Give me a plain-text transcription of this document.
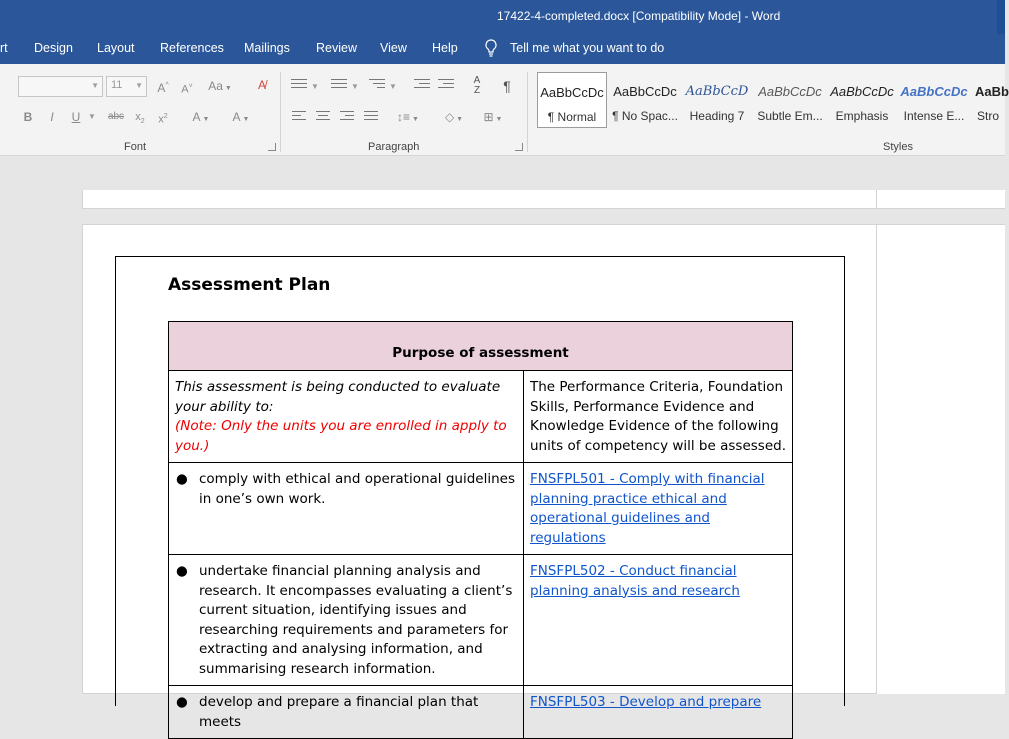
17422-4-completed.docx [Compatibility Mode] - Word
rt Design Layout References Mailings Review View Help	Tell me what you want to do
▼	11 ▼ A^ A˅ Aa ▼	A̸
B	I	U ▼ abc $x_2$ $x^2$	A ▼	A ▼
Font
▼	▼	▼
A
Z	¶
↕≡ ▼	◇ ▼	⊞ ▼
Paragraph
AaBbCcDc
¶ Normal
AaBbCcDc
¶ No Spac...
AaBbCcD
Heading 7
AaBbCcDc
Subtle Em...
AaBbCcDc
Emphasis
AaBbCcDc
Intense E...
AaBb
Stro
Styles
Assessment Plan
Purpose of assessment	

This assessment is being conducted to evaluate your ability to:
(Note: Only the units you are enrolled in apply to you.)	The Performance Criteria, Foundation Skills, Performance Evidence and Knowledge Evidence of the following units of competency will be assessed.

● comply with ethical and operational guidelines in one’s own work.	FNSFPL501 - Comply with financial planning practice ethical and operational guidelines and regulations

● undertake financial planning analysis and research. It encompasses evaluating a client’s current situation, identifying issues and researching requirements and parameters for extracting and analysing information, and summarising research information.	FNSFPL502 - Conduct financial planning analysis and research

● develop and prepare a financial plan that meets	FNSFPL503 - Develop and prepare
